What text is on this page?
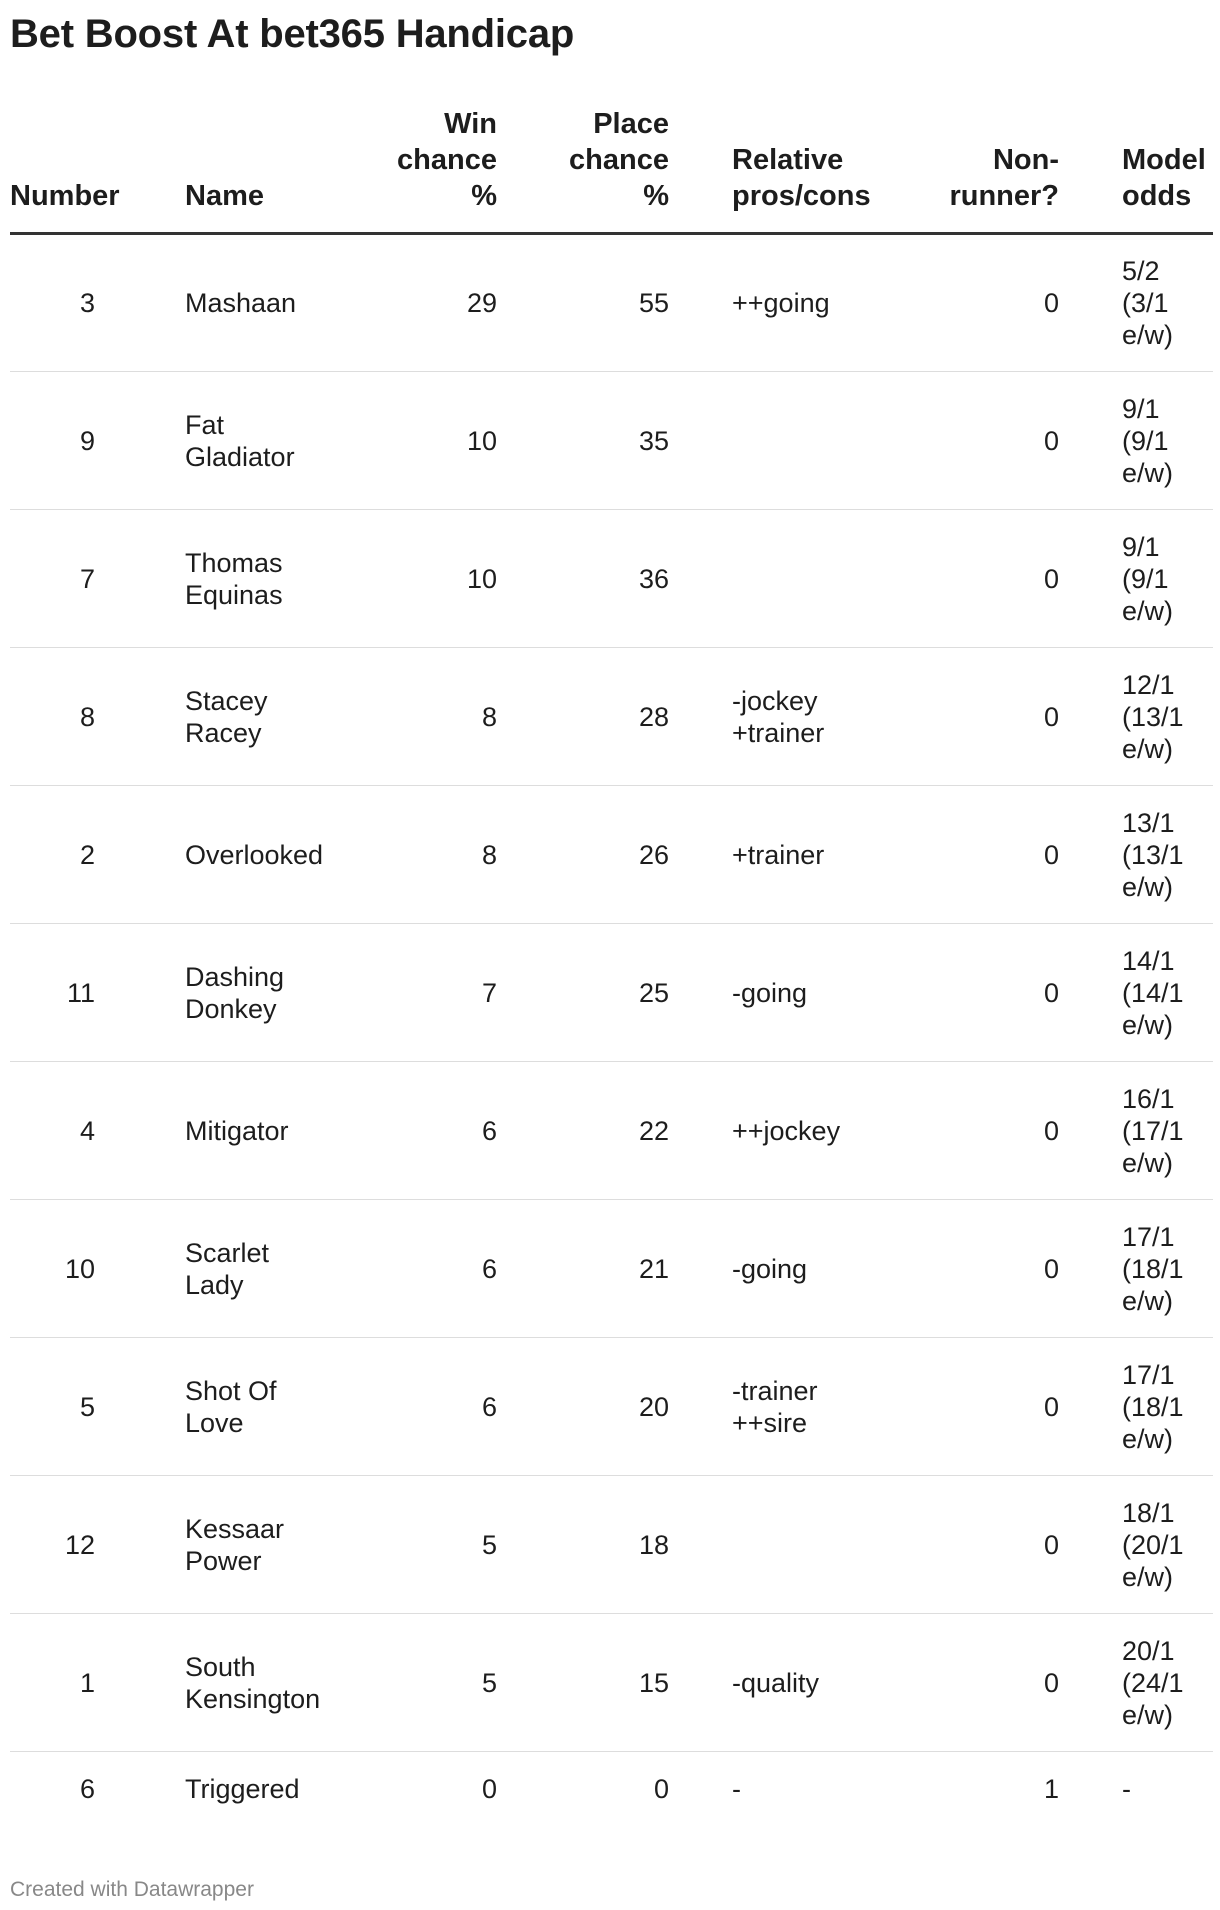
Bet Boost At bet365 Handicap
Number	Name	Win
chance
%	Place
chance
%	Relative
pros/cons	Non-
runner?	Model
odds
3	Mashaan	29	55	++going	0	5/2
(3/1
e/w)
9	Fat
Gladiator	10	35		0	9/1
(9/1
e/w)
7	Thomas
Equinas	10	36		0	9/1
(9/1
e/w)
8	Stacey
Racey	8	28	-jockey
+trainer	0	12/1
(13/1
e/w)
2	Overlooked	8	26	+trainer	0	13/1
(13/1
e/w)
11	Dashing
Donkey	7	25	-going	0	14/1
(14/1
e/w)
4	Mitigator	6	22	++jockey	0	16/1
(17/1
e/w)
10	Scarlet
Lady	6	21	-going	0	17/1
(18/1
e/w)
5	Shot Of
Love	6	20	-trainer
++sire	0	17/1
(18/1
e/w)
12	Kessaar
Power	5	18		0	18/1
(20/1
e/w)
1	South
Kensington	5	15	-quality	0	20/1
(24/1
e/w)
6	Triggered	0	0	-	1	-
Created with Datawrapper
